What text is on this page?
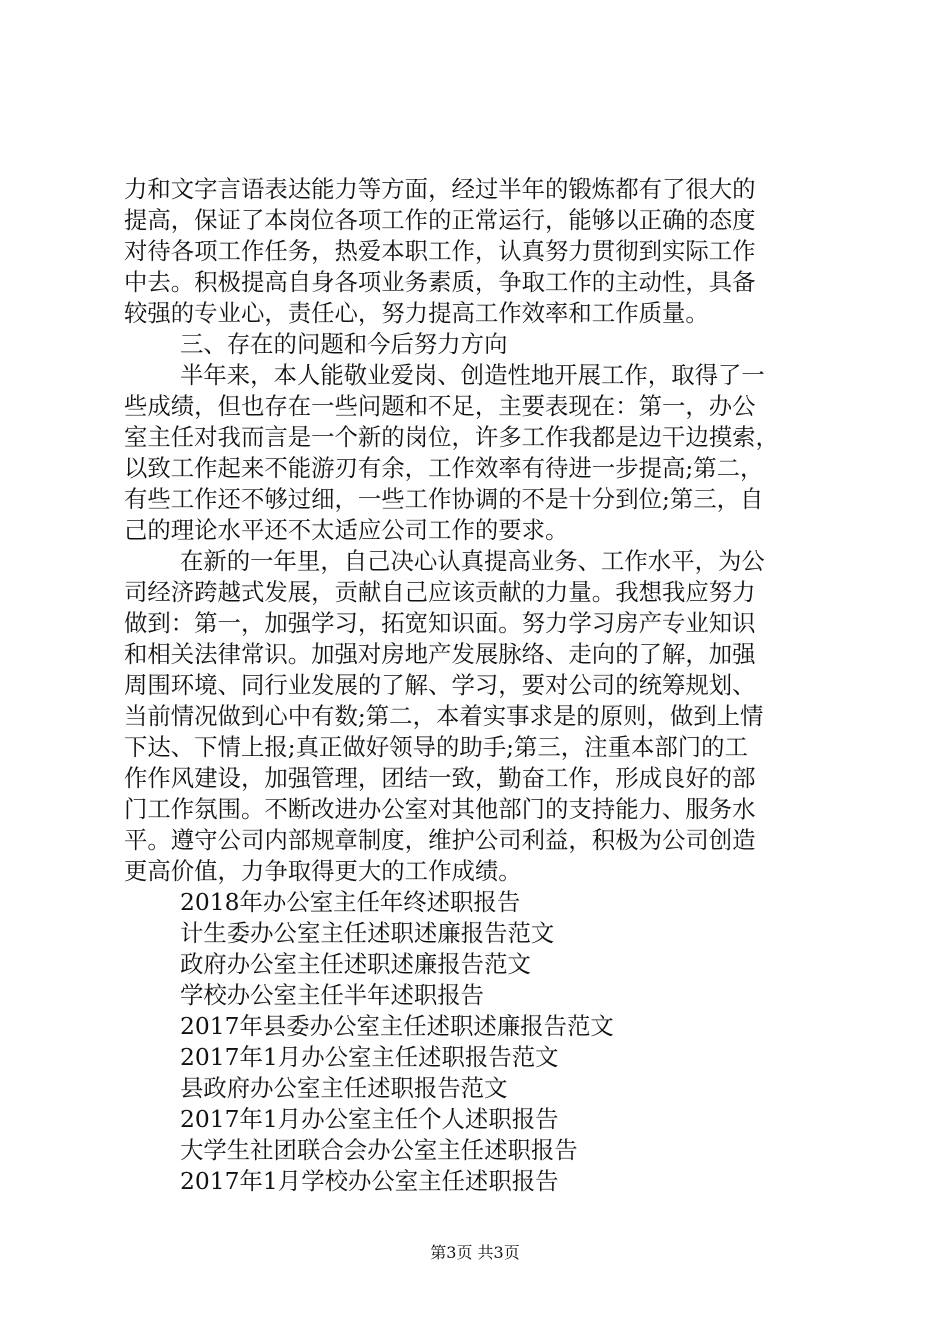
力和文字言语表达能力等方面，经过半年的锻炼都有了很大的
提高，保证了本岗位各项工作的正常运行，能够以正确的态度
对待各项工作任务，热爱本职工作，认真努力贯彻到实际工作
中去。积极提高自身各项业务素质，争取工作的主动性，具备
较强的专业心，责任心，努力提高工作效率和工作质量。
三、存在的问题和今后努力方向
半年来，本人能敬业爱岗、创造性地开展工作，取得了一
些成绩，但也存在一些问题和不足，主要表现在：第一，办公
室主任对我而言是一个新的岗位，许多工作我都是边干边摸索，
以致工作起来不能游刃有余，工作效率有待进一步提高;第二，
有些工作还不够过细，一些工作协调的不是十分到位;第三，自
己的理论水平还不太适应公司工作的要求。
在新的一年里，自己决心认真提高业务、工作水平，为公
司经济跨越式发展，贡献自己应该贡献的力量。我想我应努力
做到：第一，加强学习，拓宽知识面。努力学习房产专业知识
和相关法律常识。加强对房地产发展脉络、走向的了解，加强
周围环境、同行业发展的了解、学习，要对公司的统筹规划、
当前情况做到心中有数;第二，本着实事求是的原则，做到上情
下达、下情上报;真正做好领导的助手;第三，注重本部门的工
作作风建设，加强管理，团结一致，勤奋工作，形成良好的部
门工作氛围。不断改进办公室对其他部门的支持能力、服务水
平。遵守公司内部规章制度，维护公司利益，积极为公司创造
更高价值，力争取得更大的工作成绩。
2018年办公室主任年终述职报告
计生委办公室主任述职述廉报告范文
政府办公室主任述职述廉报告范文
学校办公室主任半年述职报告
2017年县委办公室主任述职述廉报告范文
2017年1月办公室主任述职报告范文
县政府办公室主任述职报告范文
2017年1月办公室主任个人述职报告
大学生社团联合会办公室主任述职报告
2017年1月学校办公室主任述职报告
第3页 共3页
